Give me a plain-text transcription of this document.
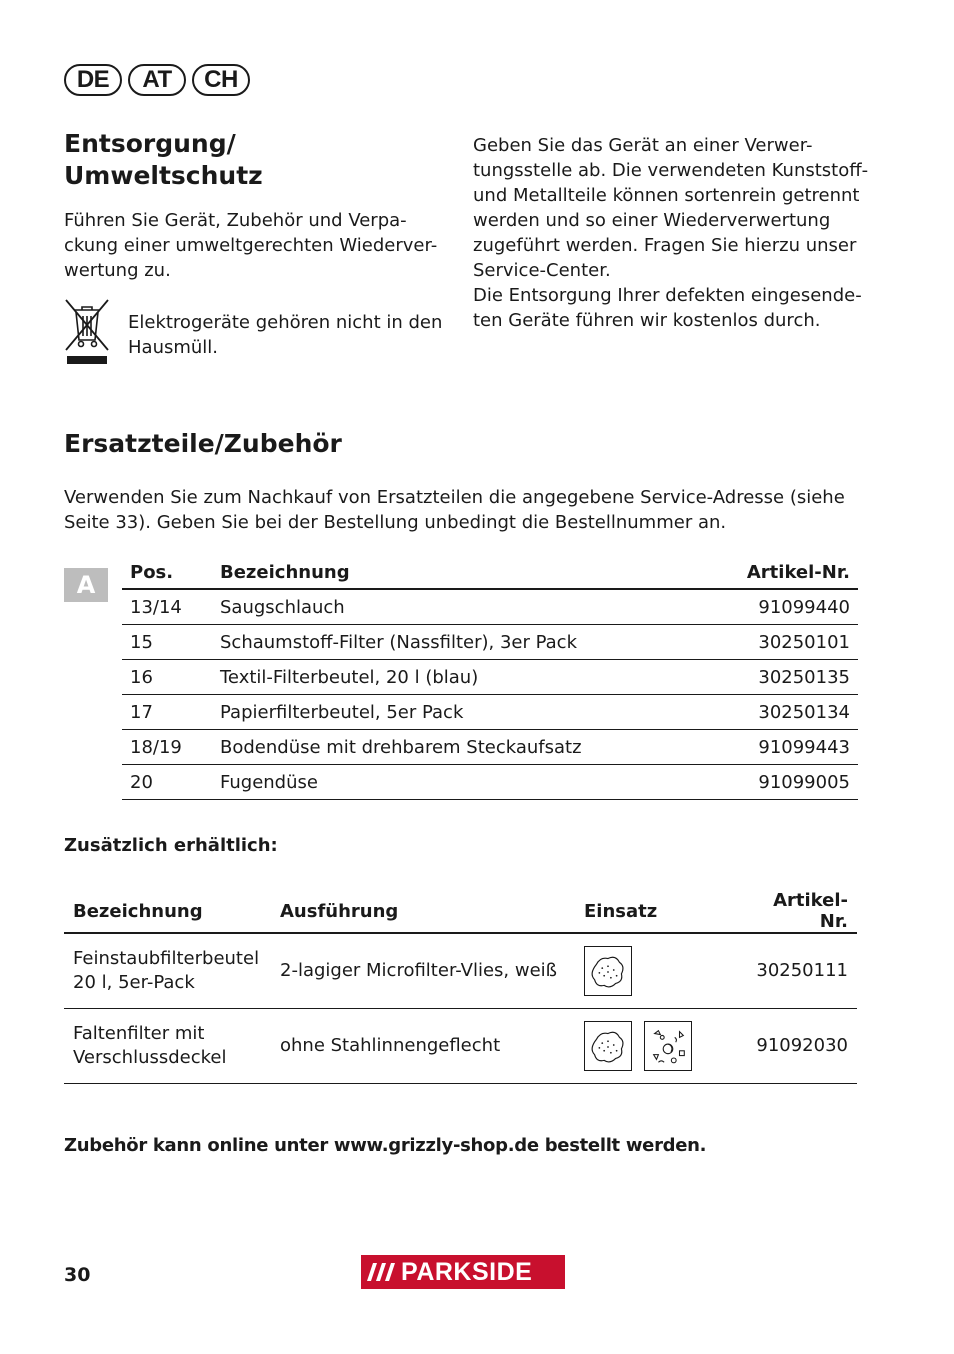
DE	AT	CH
Entsorgung/
Umweltschutz
Führen Sie Gerät, Zubehör und Verpa-
ckung einer umweltgerechten Wiederver-
wertung zu.
Elektrogeräte gehören nicht in den
Hausmüll.
Geben Sie das Gerät an einer Verwer-
tungsstelle ab. Die verwendeten Kunststoff-
und Metallteile können sortenrein getrennt
werden und so einer Wiederverwertung
zugeführt werden. Fragen Sie hierzu unser
Service-Center.
Die Entsorgung Ihrer defekten eingesende-
ten Geräte führen wir kostenlos durch.
Ersatzteile/Zubehör
Verwenden Sie zum Nachkauf von Ersatzteilen die angegebene Service-Adresse (siehe
Seite 33). Geben Sie bei der Bestellung unbedingt die Bestellnummer an.
A	Pos.	Bezeichnung	Artikel-Nr.
13/14	Saugschlauch	91099440
15	Schaumstoff-Filter (Nassfilter), 3er Pack	30250101
16	Textil-Filterbeutel, 20 l (blau)	30250135
17	Papierfilterbeutel, 5er Pack	30250134
18/19	Bodendüse mit drehbarem Steckaufsatz	91099443
20	Fugendüse	91099005
Zusätzlich erhältlich:
Bezeichnung	Ausführung	Einsatz	Artikel-Nr.
Feinstaubfilterbeutel
20 l, 5er-Pack	2-lagiger Microfilter-Vlies, weiß		30250111
Faltenfilter mit
Verschlussdeckel	ohne Stahlinnengeflecht		91092030
Zubehör kann online unter www.grizzly-shop.de bestellt werden.
30	PARKSIDE
